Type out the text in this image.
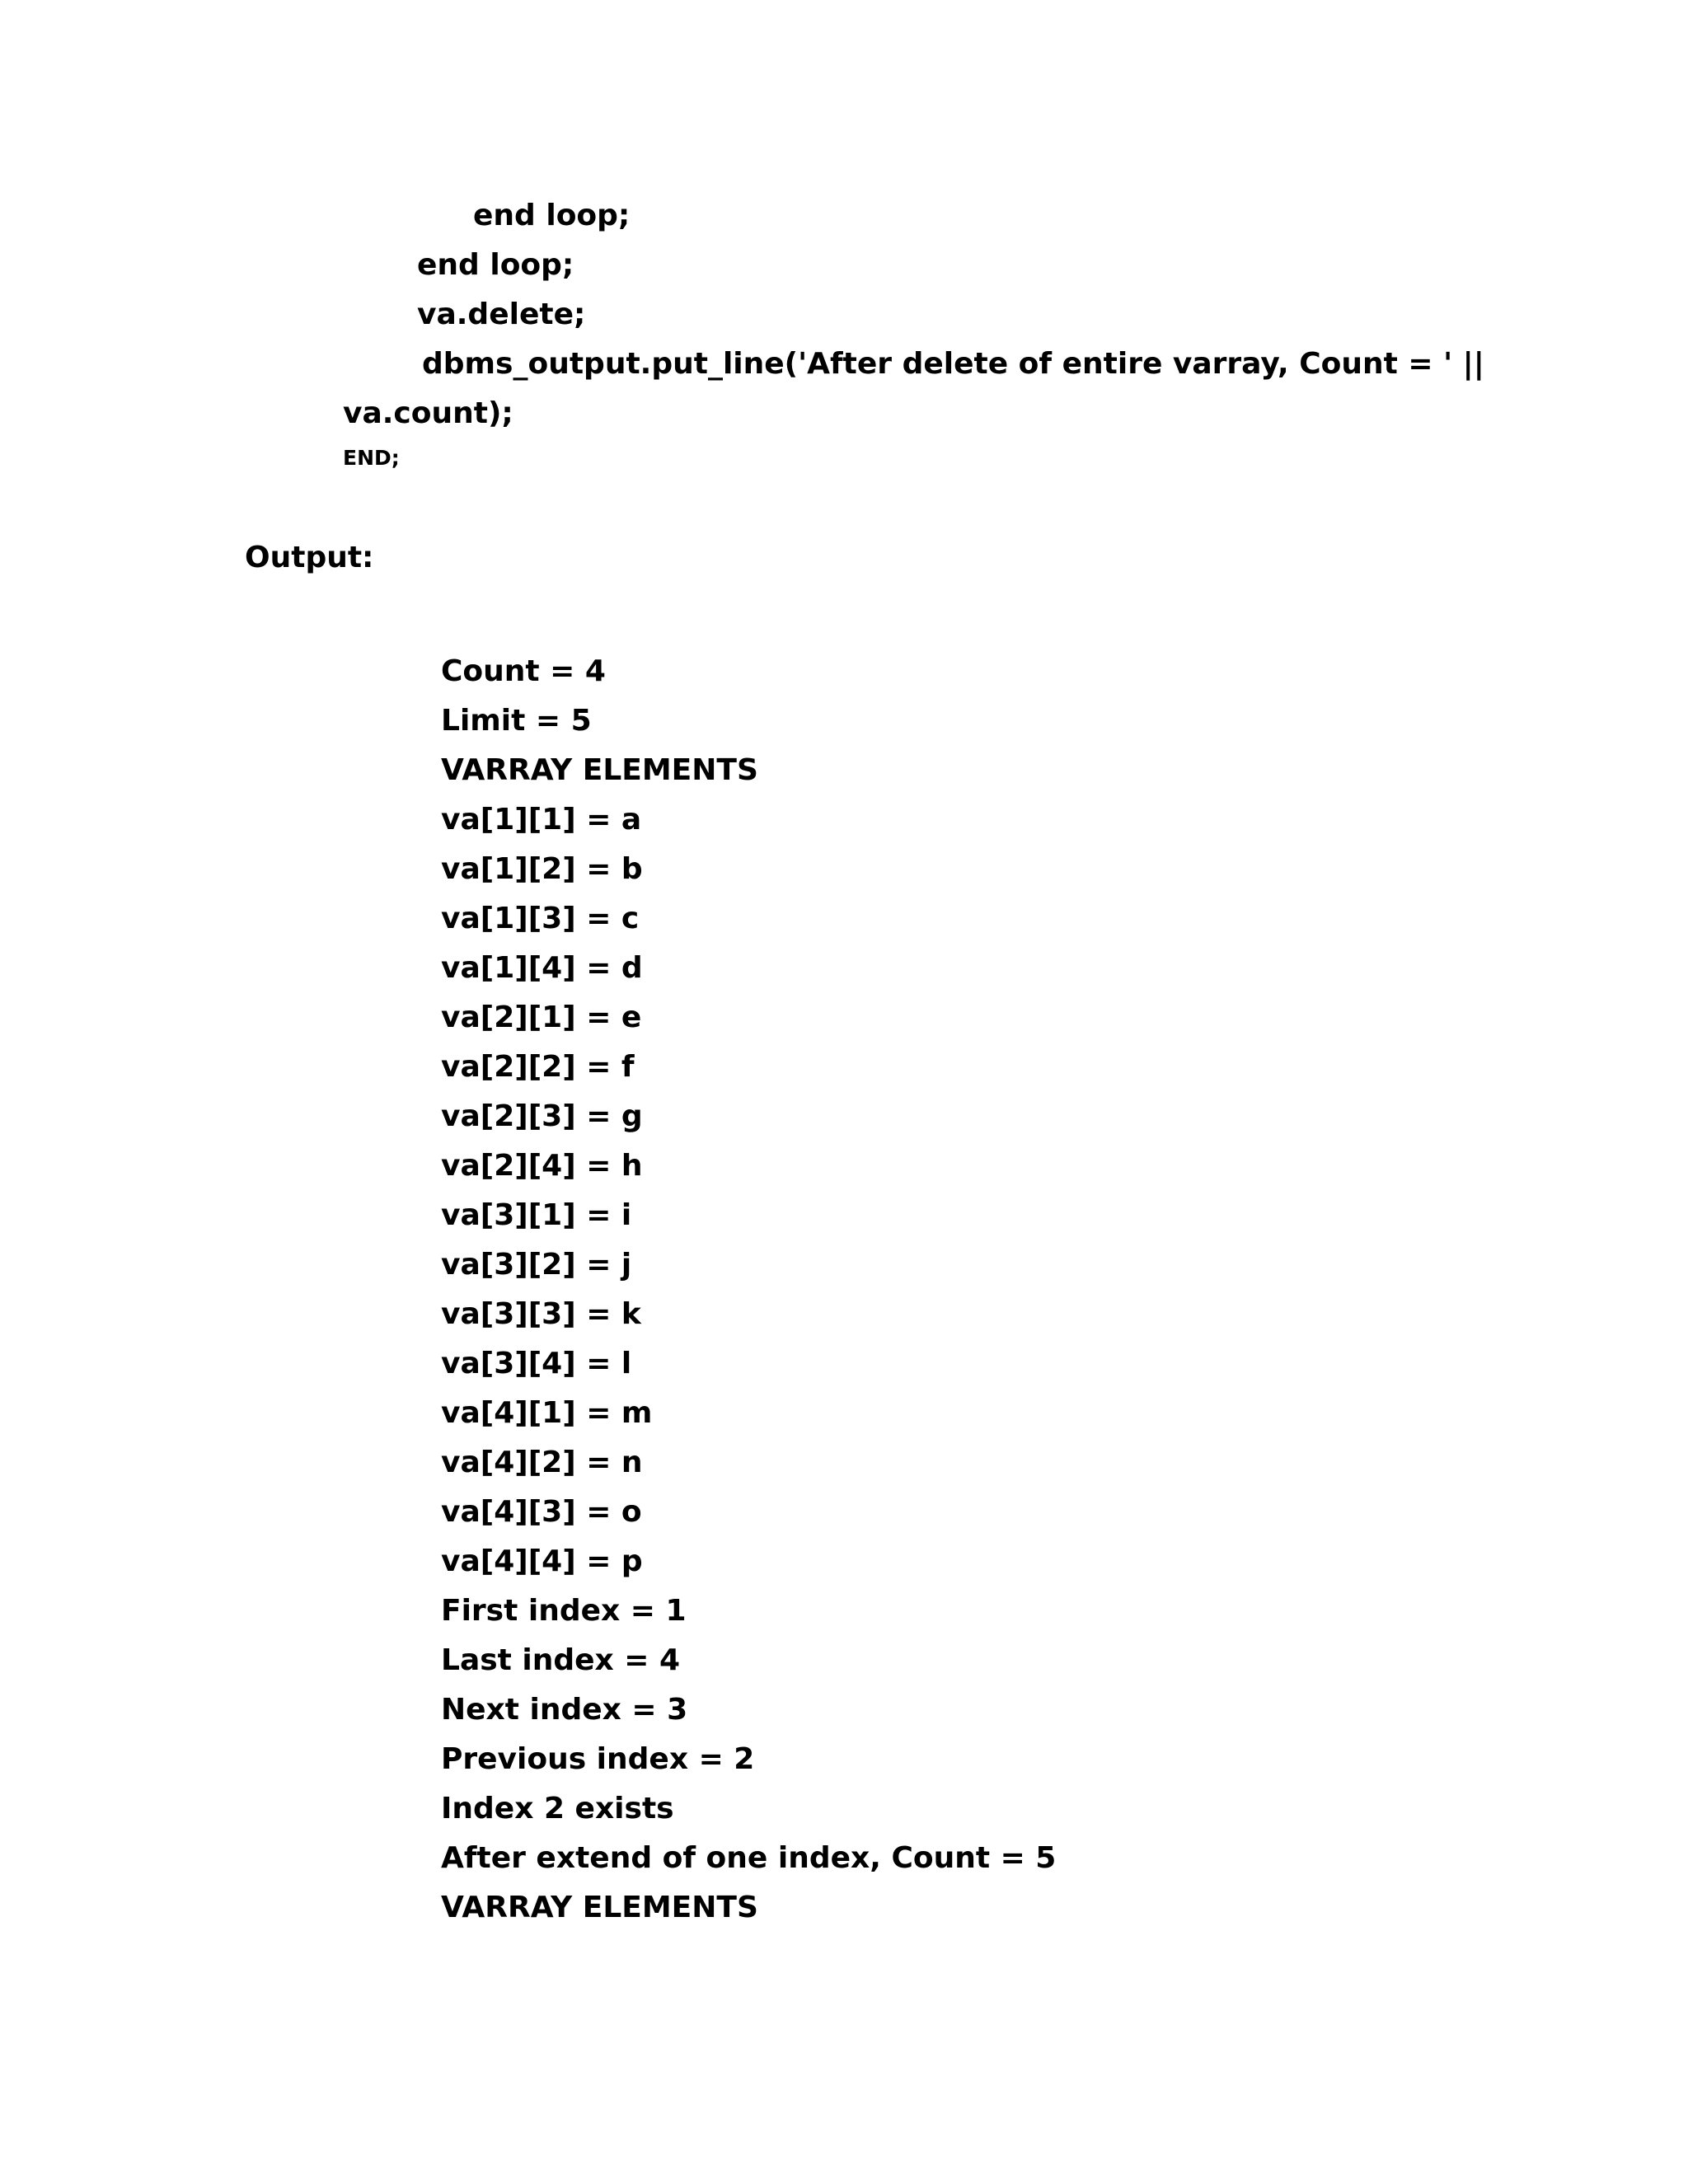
end loop;
end loop;
va.delete;
dbms_output.put_line('After delete of entire varray, Count = ' ||
va.count);
END;
Output:
Count = 4
Limit = 5
VARRAY ELEMENTS
va[1][1] = a
va[1][2] = b
va[1][3] = c
va[1][4] = d
va[2][1] = e
va[2][2] = f
va[2][3] = g
va[2][4] = h
va[3][1] = i
va[3][2] = j
va[3][3] = k
va[3][4] = l
va[4][1] = m
va[4][2] = n
va[4][3] = o
va[4][4] = p
First index = 1
Last index = 4
Next index = 3
Previous index = 2
Index 2 exists
After extend of one index, Count = 5
VARRAY ELEMENTS
